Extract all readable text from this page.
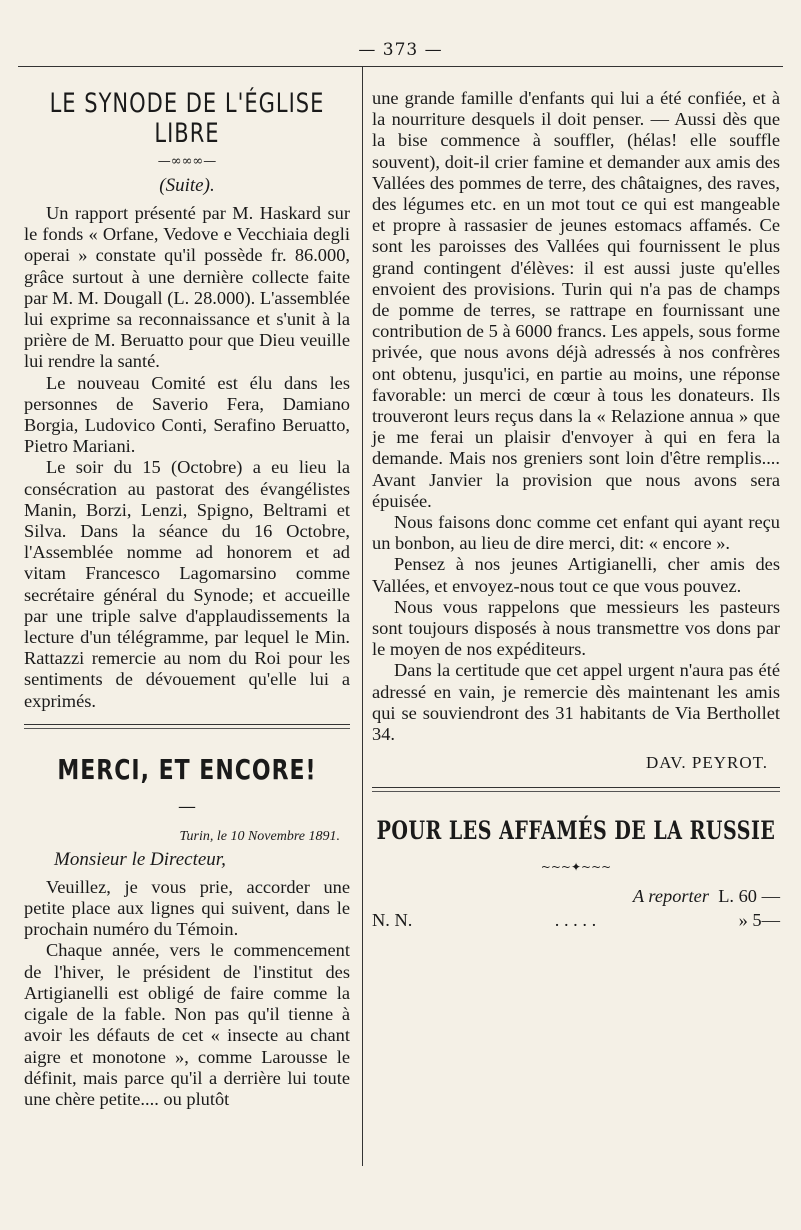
— 373 —
LE SYNODE DE L'ÉGLISE LIBRE
—∞∞∞—
(Suite).

Un rapport présenté par M. Haskard sur le fonds « Orfane, Vedove e Vecchiaia degli operai » constate qu'il possède fr. 86.000, grâce surtout à une dernière collecte faite par M. M. Dougall (L. 28.000). L'assemblée lui exprime sa reconnaissance et s'unit à la prière de M. Beruatto pour que Dieu veuille lui rendre la santé.

Le nouveau Comité est élu dans les personnes de Saverio Fera, Damiano Borgia, Ludovico Conti, Serafino Beruatto, Pietro Mariani.

Le soir du 15 (Octobre) a eu lieu la consécration au pastorat des évangélistes Manin, Borzi, Lenzi, Spigno, Beltrami et Silva. Dans la séance du 16 Octobre, l'Assemblée nomme ad honorem et ad vitam Francesco Lagomarsino comme secrétaire général du Synode; et accueille par une triple salve d'applaudissements la lecture d'un télégramme, par lequel le Min. Rattazzi remercie au nom du Roi pour les sentiments de dévouement qu'elle lui a exprimés.

MERCI, ET ENCORE!
—
Turin, le 10 Novembre 1891.
Monsieur le Directeur,

Veuillez, je vous prie, accorder une petite place aux lignes qui suivent, dans le prochain numéro du Témoin.

Chaque année, vers le commencement de l'hiver, le président de l'institut des Artigianelli est obligé de faire comme la cigale de la fable. Non pas qu'il tienne à avoir les défauts de cet « insecte au chant aigre et monotone », comme Larousse le définit, mais parce qu'il a derrière lui toute une chère petite.... ou plutôt

une grande famille d'enfants qui lui a été confiée, et à la nourriture desquels il doit penser. — Aussi dès que la bise commence à souffler, (hélas! elle souffle souvent), doit-il crier famine et demander aux amis des Vallées des pommes de terre, des châtaignes, des raves, des légumes etc. en un mot tout ce qui est mangeable et propre à rassasier de jeunes estomacs affamés. Ce sont les paroisses des Vallées qui fournissent le plus grand contingent d'élèves: il est aussi juste qu'elles envoient des provisions. Turin qui n'a pas de champs de pomme de terres, se rattrape en fournissant une contribution de 5 à 6000 francs. Les appels, sous forme privée, que nous avons déjà adressés à nos confrères ont obtenu, jusqu'ici, en partie au moins, une réponse favorable: un merci de cœur à tous les donateurs. Ils trouveront leurs reçus dans la « Relazione annua » que je me ferai un plaisir d'envoyer à qui en fera la demande. Mais nos greniers sont loin d'être remplis.... Avant Janvier la provision que nous avons sera épuisée.

Nous faisons donc comme cet enfant qui ayant reçu un bonbon, au lieu de dire merci, dit: « encore ».

Pensez à nos jeunes Artigianelli, cher amis des Vallées, et envoyez-nous tout ce que vous pouvez.

Nous vous rappelons que messieurs les pasteurs sont toujours disposés à nous transmettre vos dons par le moyen de nos expéditeurs.

Dans la certitude que cet appel urgent n'aura pas été adressé en vain, je remercie dès maintenant les amis qui se souviendront des 31 habitants de Via Berthollet 34.

DAV. PEYROT.
POUR LES AFFAMÉS DE LA RUSSIE
~~~✦~~~
A reporter L. 60 —
N. N.	. . . . .	» 5—
